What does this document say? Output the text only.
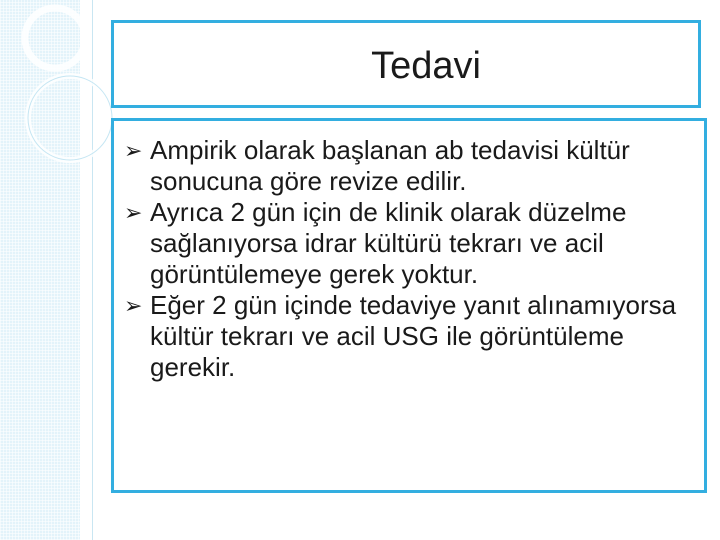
Tedavi
➢ Ampirik olarak başlanan ab tedavisi kültür sonucuna göre revize edilir.
➢ Ayrıca 2 gün için de klinik olarak düzelme sağlanıyorsa idrar kültürü tekrarı ve acil görüntülemeye gerek yoktur.
➢ Eğer 2 gün içinde tedaviye yanıt alınamıyorsa kültür tekrarı ve acil USG ile görüntüleme gerekir.
